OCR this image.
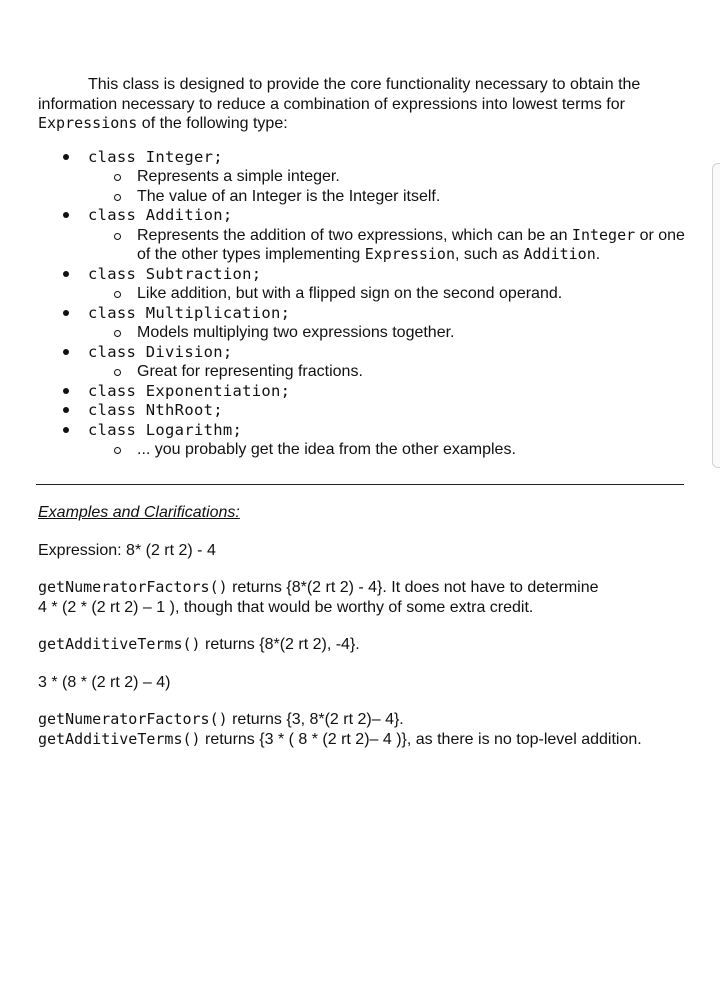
This class is designed to provide the core functionality necessary to obtain the information necessary to reduce a combination of expressions into lowest terms for Expressions of the following type:

class Integer;
Represents a simple integer.
The value of an Integer is the Integer itself.
class Addition;
Represents the addition of two expressions, which can be an Integer or one of the other types implementing Expression, such as Addition.
class Subtraction;
Like addition, but with a flipped sign on the second operand.
class Multiplication;
Models multiplying two expressions together.
class Division;
Great for representing fractions.
class Exponentiation;
class NthRoot;
class Logarithm;
... you probably get the idea from the other examples.

Examples and Clarifications:

Expression: 8* (2 rt 2) - 4

getNumeratorFactors() returns {8*(2 rt 2) - 4}. It does not have to determine

4 * (2 * (2 rt 2) – 1 ), though that would be worthy of some extra credit.

getAdditiveTerms() returns {8*(2 rt 2), -4}.

3 * (8 * (2 rt 2) – 4)

getNumeratorFactors() returns {3, 8*(2 rt 2)– 4}.

getAdditiveTerms() returns {3 * ( 8 * (2 rt 2)– 4 )}, as there is no top-level addition.
